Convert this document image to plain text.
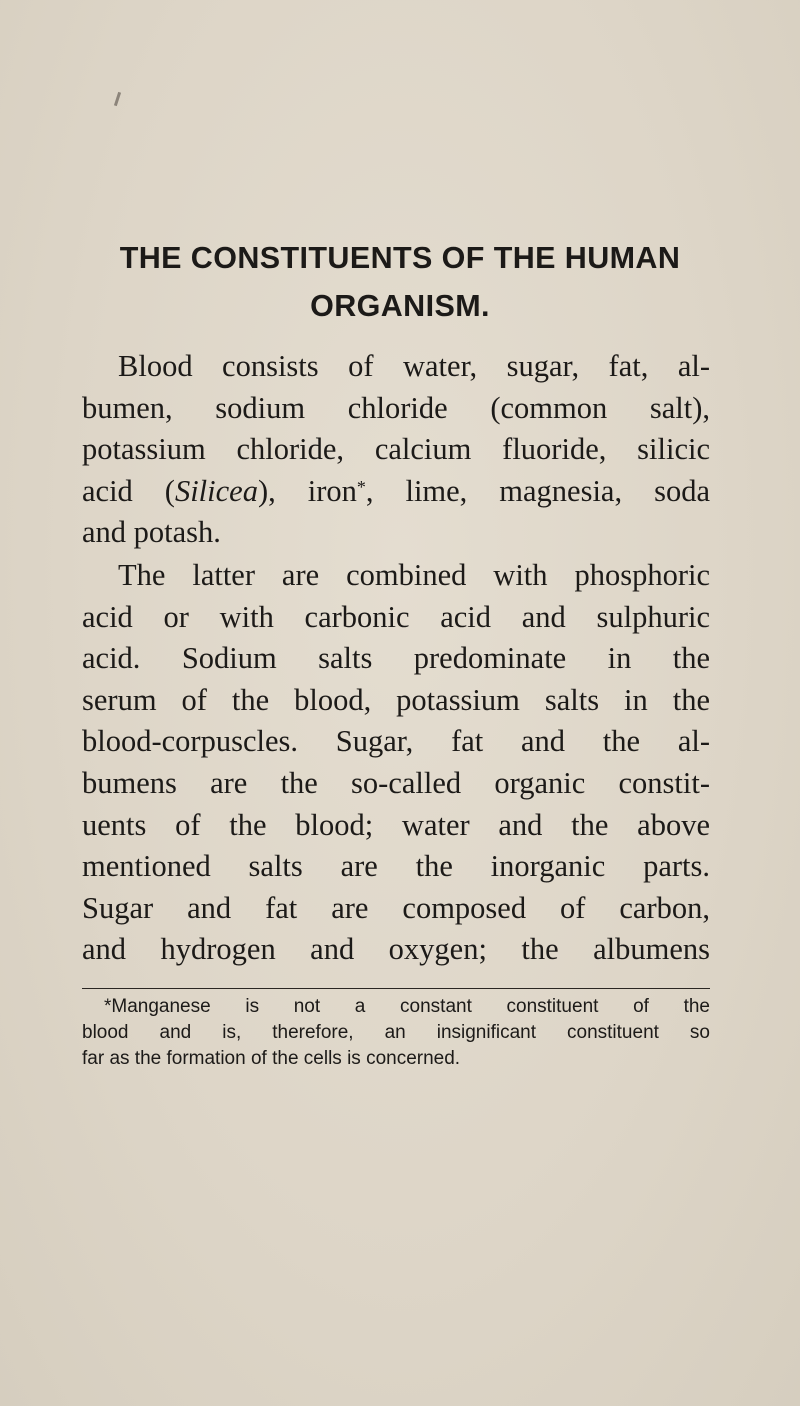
THE CONSTITUENTS OF THE HUMAN
ORGANISM.

Blood consists of water, sugar, fat, al-

bumen, sodium chloride (common salt),

potassium chloride, calcium fluoride, silicic

acid (Silicea), iron*, lime, magnesia, soda

and potash.

The latter are combined with phosphoric

acid or with carbonic acid and sulphuric

acid. Sodium salts predominate in the

serum of the blood, potassium salts in the

blood-corpuscles. Sugar, fat and the al-

bumens are the so-called organic constit-

uents of the blood; water and the above

mentioned salts are the inorganic parts.

Sugar and fat are composed of carbon,

and hydrogen and oxygen; the albumens

*Manganese is not a constant constituent of the

blood and is, therefore, an insignificant constituent so

far as the formation of the cells is concerned.
